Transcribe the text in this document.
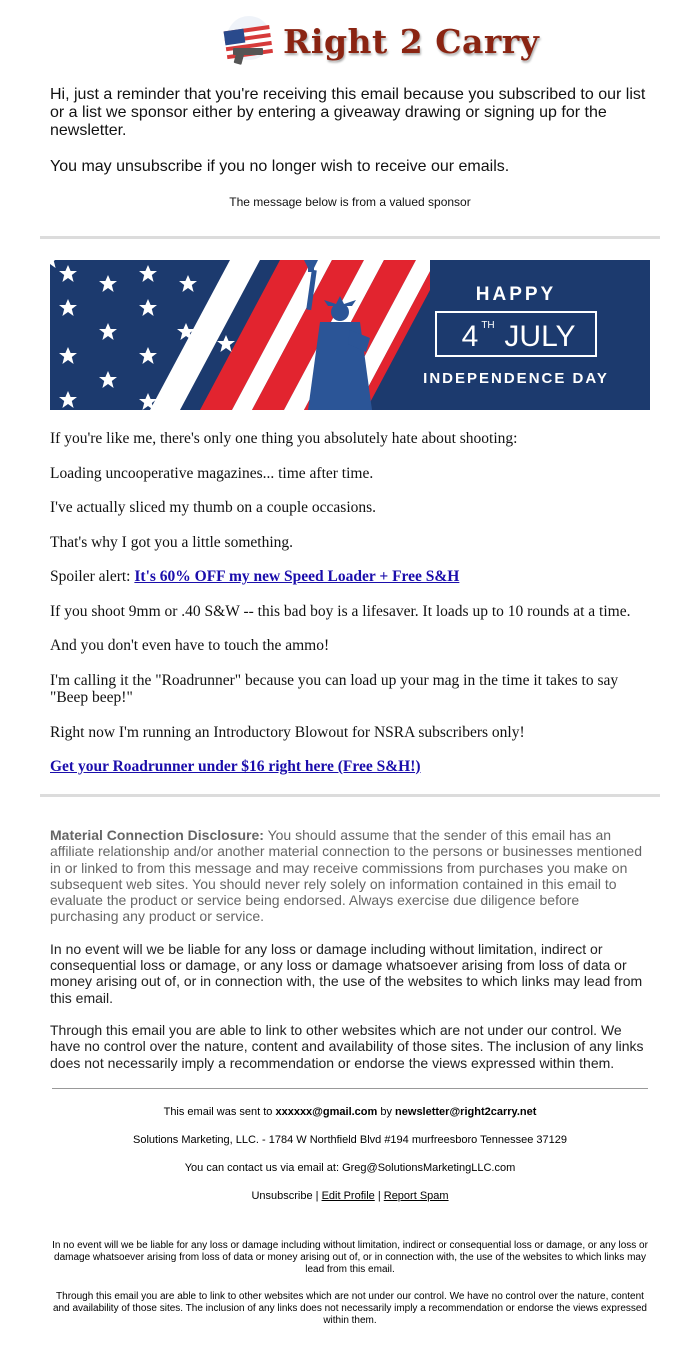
Right 2 Carry

Hi, just a reminder that you're receiving this email because you subscribed to our list or a list we sponsor either by entering a giveaway drawing or signing up for the newsletter.

You may unsubscribe if you no longer wish to receive our emails.

The message below is from a valued sponsor
HAPPY
4 TH JULY
INDEPENDENCE DAY

If you're like me, there's only one thing you absolutely hate about shooting:

Loading uncooperative magazines... time after time.

I've actually sliced my thumb on a couple occasions.

That's why I got you a little something.

Spoiler alert: It's 60% OFF my new Speed Loader + Free S&H

If you shoot 9mm or .40 S&W -- this bad boy is a lifesaver. It loads up to 10 rounds at a time.

And you don't even have to touch the ammo!

I'm calling it the "Roadrunner" because you can load up your mag in the time it takes to say "Beep beep!"

Right now I'm running an Introductory Blowout for NSRA subscribers only!

Get your Roadrunner under $16 right here (Free S&H!)

Material Connection Disclosure: You should assume that the sender of this email has an affiliate relationship and/or another material connection to the persons or businesses mentioned in or linked to from this message and may receive commissions from purchases you make on subsequent web sites. You should never rely solely on information contained in this email to evaluate the product or service being endorsed. Always exercise due diligence before purchasing any product or service.

In no event will we be liable for any loss or damage including without limitation, indirect or consequential loss or damage, or any loss or damage whatsoever arising from loss of data or money arising out of, or in connection with, the use of the websites to which links may lead from this email.

Through this email you are able to link to other websites which are not under our control. We have no control over the nature, content and availability of those sites. The inclusion of any links does not necessarily imply a recommendation or endorse the views expressed within them.

This email was sent to xxxxxx@gmail.com by newsletter@right2carry.net
Solutions Marketing, LLC. - 1784 W Northfield Blvd #194 murfreesboro Tennessee 37129
You can contact us via email at: Greg@SolutionsMarketingLLC.com
Unsubscribe | Edit Profile | Report Spam
In no event will we be liable for any loss or damage including without limitation, indirect or consequential loss or damage, or any loss or damage whatsoever arising from loss of data or money arising out of, or in connection with, the use of the websites to which links may lead from this email.
Through this email you are able to link to other websites which are not under our control. We have no control over the nature, content and availability of those sites. The inclusion of any links does not necessarily imply a recommendation or endorse the views expressed within them.
